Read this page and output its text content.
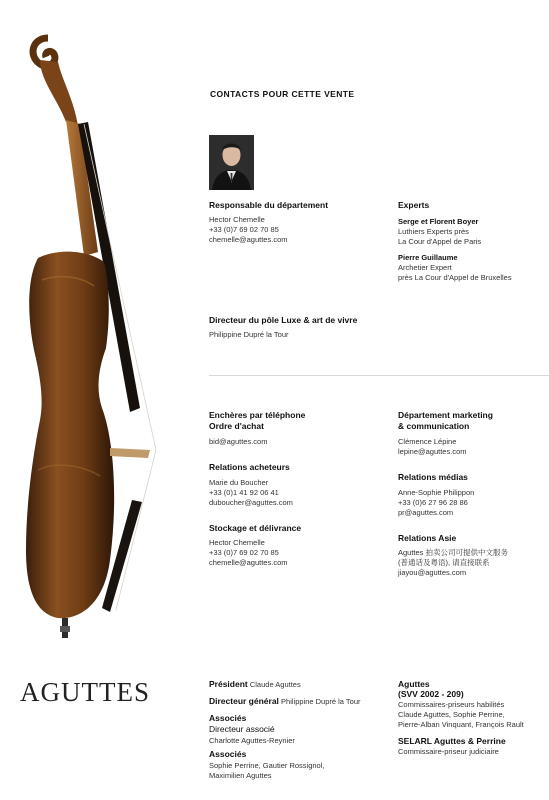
CONTACTS POUR CETTE VENTE
Responsable du département
Hector Chemelle
+33 (0)7 69 02 70 85
chemelle@aguttes.com
Experts
Serge et Florent Boyer
Luthiers Experts près
La Cour d'Appel de Paris
Pierre Guillaume
Archetier Expert
près La Cour d'Appel de Bruxelles
Directeur du pôle Luxe & art de vivre
Philippine Dupré la Tour
Enchères par téléphone
Ordre d'achat
bid@aguttes.com
Relations acheteurs
Marie du Boucher
+33 (0)1 41 92 06 41
duboucher@aguttes.com
Stockage et délivrance
Hector Chemelle
+33 (0)7 69 02 70 85
chemelle@aguttes.com
Département marketing
& communication
Clémence Lépine
lepine@aguttes.com
Relations médias
Anne-Sophie Philippon
+33 (0)6 27 96 28 86
pr@aguttes.com
Relations Asie
Aguttes 拍卖公司可提供中文服务
(普通话及粤语), 请直接联系
jiayou@aguttes.com
AGUTTES	Président Claude Aguttes
Directeur général Philippine Dupré la Tour
Associés
Directeur associé
Charlotte Aguttes-Reynier
Associés
Sophie Perrine, Gautier Rossignol,
Maximilien Aguttes
Aguttes
(SVV 2002 - 209)
Commissaires-priseurs habilités
Claude Aguttes, Sophie Perrine,
Pierre-Alban Vinquant, François Rault
SELARL Aguttes & Perrine
Commissaire-priseur judiciaire
